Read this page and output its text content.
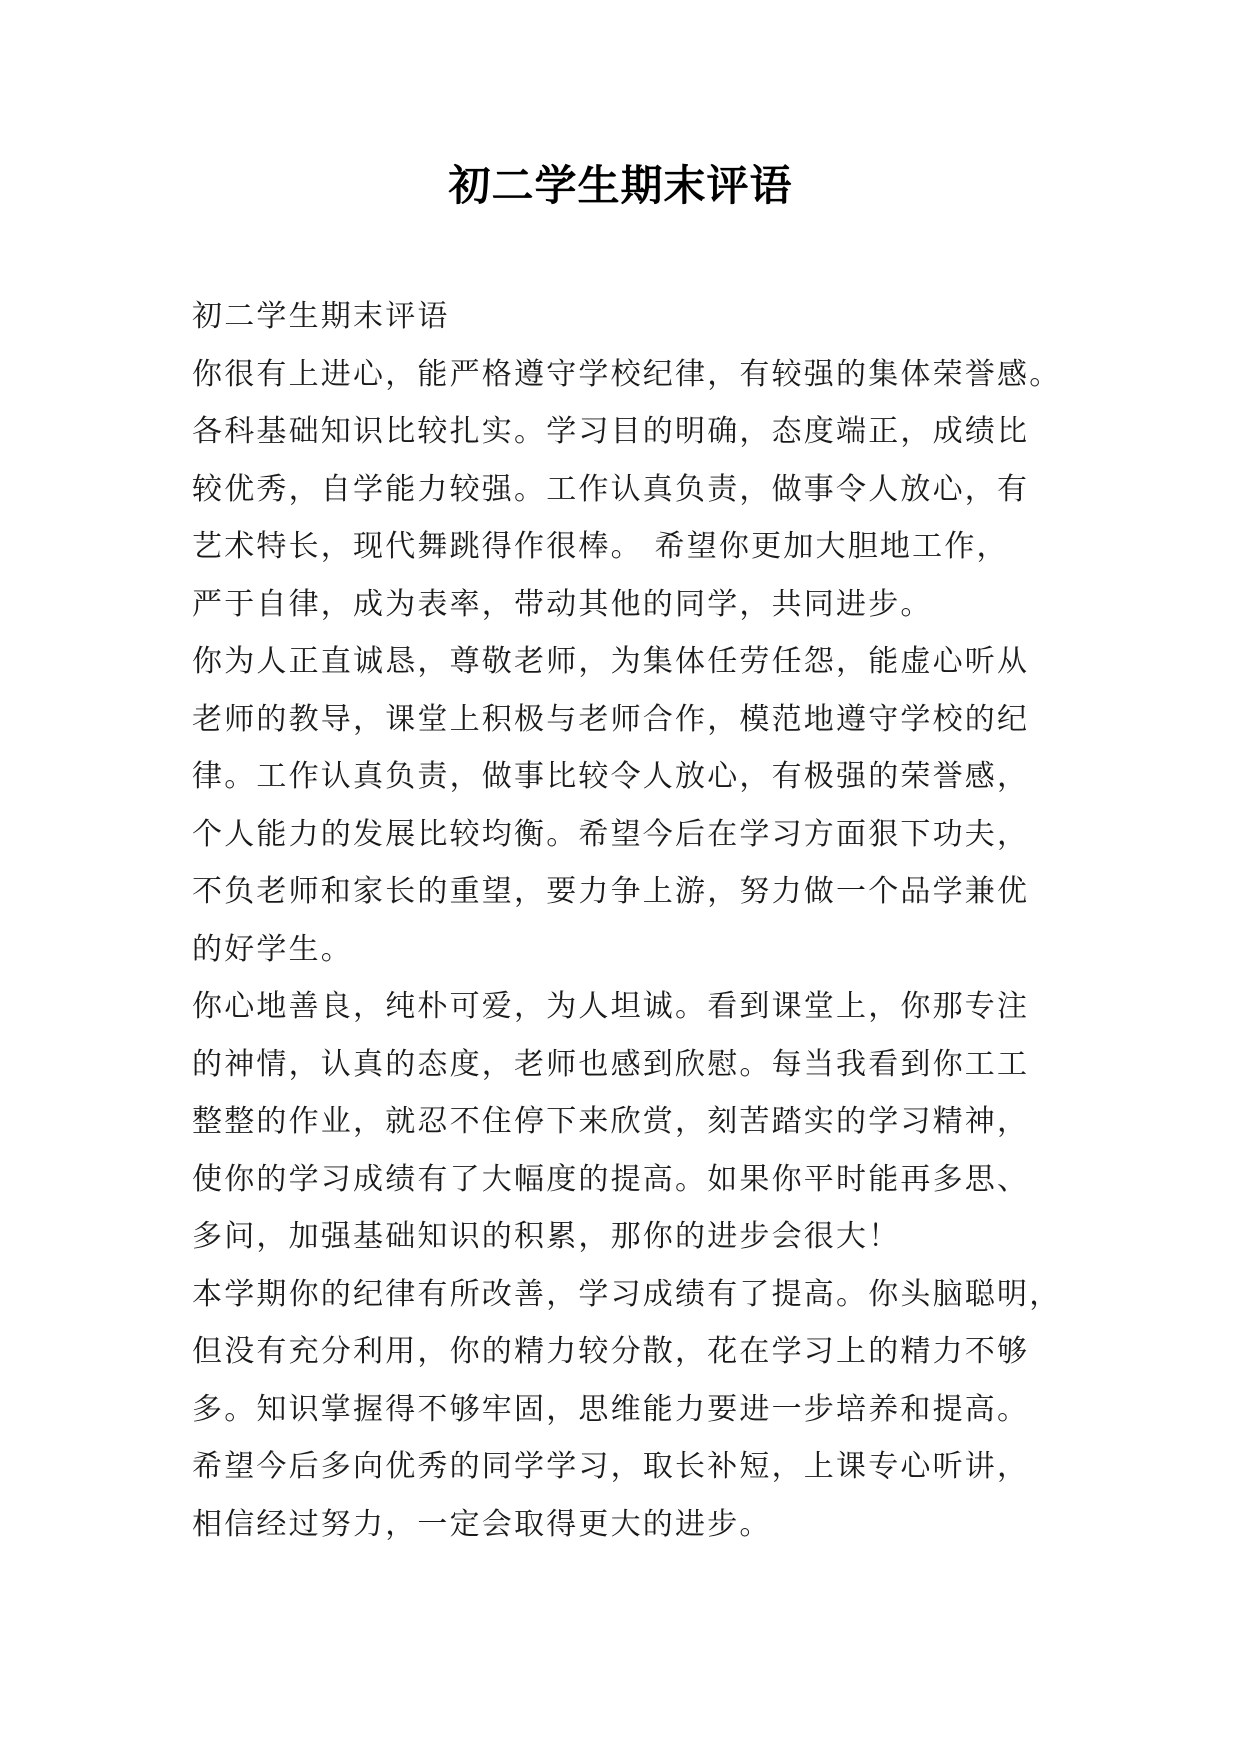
初二学生期末评语
初二学生期末评语
你很有上进心，能严格遵守学校纪律，有较强的集体荣誉感。
各科基础知识比较扎实。学习目的明确，态度端正，成绩比
较优秀，自学能力较强。工作认真负责，做事令人放心，有
艺术特长，现代舞跳得作很棒。 希望你更加大胆地工作，
严于自律，成为表率，带动其他的同学，共同进步。
你为人正直诚恳，尊敬老师，为集体任劳任怨，能虚心听从
老师的教导，课堂上积极与老师合作，模范地遵守学校的纪
律。工作认真负责，做事比较令人放心，有极强的荣誉感，
个人能力的发展比较均衡。希望今后在学习方面狠下功夫，
不负老师和家长的重望，要力争上游，努力做一个品学兼优
的好学生。
你心地善良，纯朴可爱，为人坦诚。看到课堂上，你那专注
的神情，认真的态度，老师也感到欣慰。每当我看到你工工
整整的作业，就忍不住停下来欣赏，刻苦踏实的学习精神，
使你的学习成绩有了大幅度的提高。如果你平时能再多思、
多问，加强基础知识的积累，那你的进步会很大！
本学期你的纪律有所改善，学习成绩有了提高。你头脑聪明，
但没有充分利用，你的精力较分散，花在学习上的精力不够
多。知识掌握得不够牢固，思维能力要进一步培养和提高。
希望今后多向优秀的同学学习，取长补短，上课专心听讲，
相信经过努力，一定会取得更大的进步。
